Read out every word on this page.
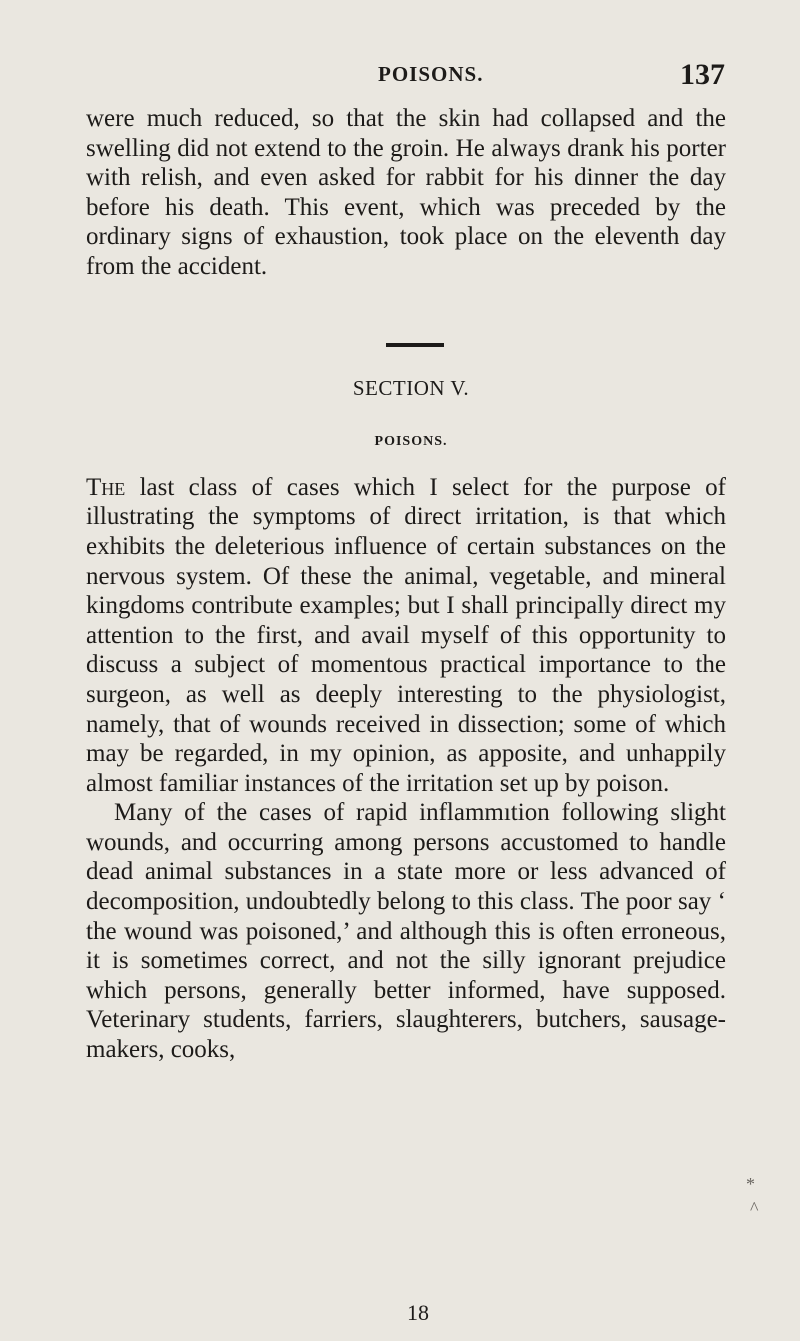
POISONS.	137

were much reduced, so that the skin had collapsed and the swelling did not extend to the groin. He always drank his porter with relish, and even asked for rabbit for his dinner the day before his death. This event, which was preceded by the ordinary signs of exhaustion, took place on the eleventh day from the accident.

SECTION V.
POISONS.

The last class of cases which I select for the purpose of illustrating the symptoms of direct irritation, is that which exhibits the deleterious influence of certain substances on the nervous system. Of these the animal, vegetable, and mineral kingdoms contribute examples; but I shall principally direct my attention to the first, and avail myself of this opportunity to discuss a subject of momentous practical importance to the surgeon, as well as deeply interesting to the physiologist, namely, that of wounds received in dissection; some of which may be regarded, in my opinion, as apposite, and unhappily almost familiar instances of the irritation set up by poison.

Many of the cases of rapid inflammıtion following slight wounds, and occurring among persons accustomed to handle dead animal substances in a state more or less advanced of decomposition, undoubtedly belong to this class. The poor say ‘ the wound was poisoned,’ and although this is often erroneous, it is sometimes correct, and not the silly ignorant prejudice which persons, generally better informed, have supposed. Veterinary students, farriers, slaughterers, butchers, sausage-makers, cooks,

*
^
18
